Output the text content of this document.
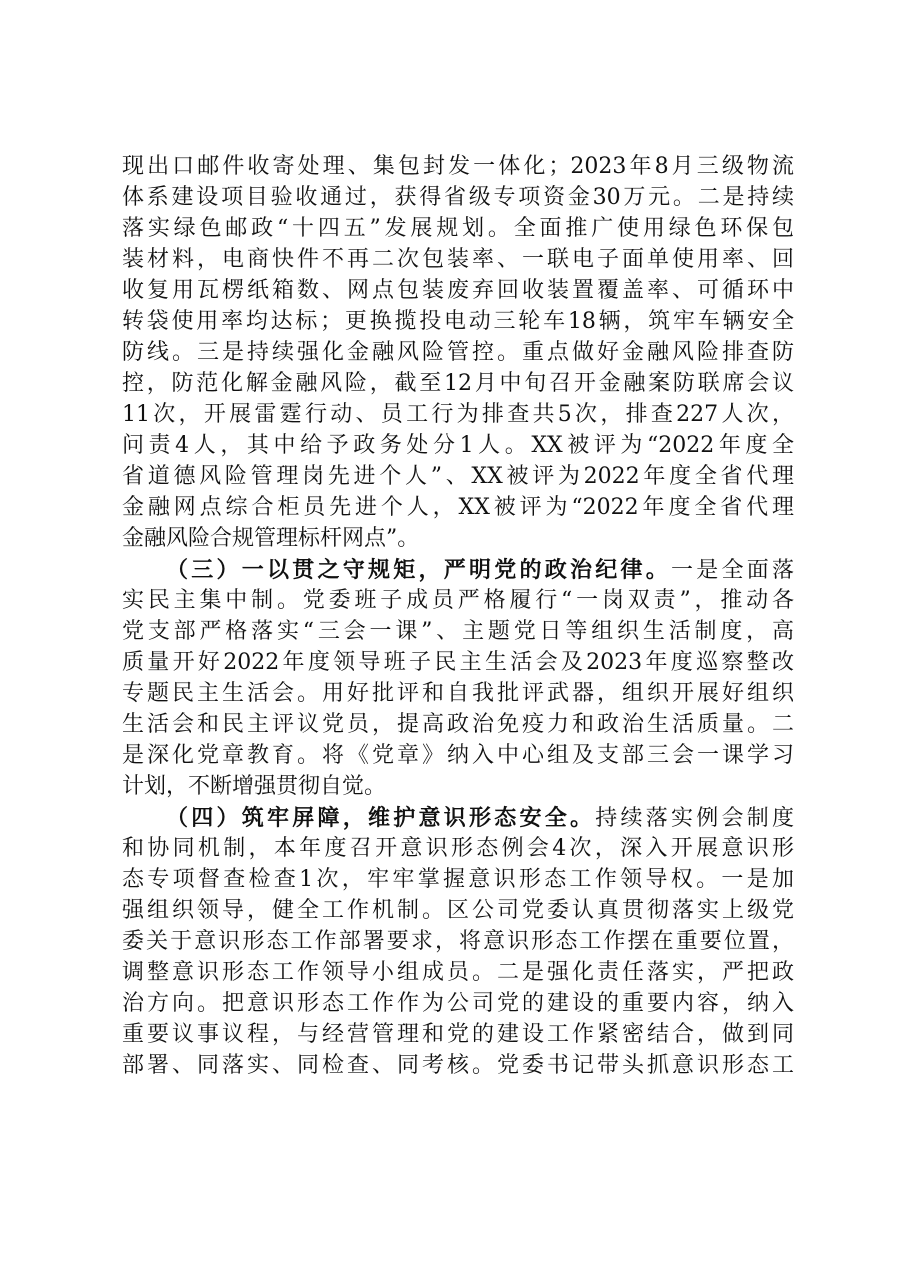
现出口邮件收寄处理、集包封发一体化；2023年8月三级物流
体系建设项目验收通过，获得省级专项资金30万元。二是持续
落实绿色邮政“十四五”发展规划。全面推广使用绿色环保包
装材料，电商快件不再二次包装率、一联电子面单使用率、回
收复用瓦楞纸箱数、网点包装废弃回收装置覆盖率、可循环中
转袋使用率均达标；更换揽投电动三轮车18辆，筑牢车辆安全
防线。三是持续强化金融风险管控。重点做好金融风险排查防
控，防范化解金融风险，截至12月中旬召开金融案防联席会议
11次，开展雷霆行动、员工行为排查共5次，排查227人次，
问责4人，其中给予政务处分1人。XX被评为“2022年度全
省道德风险管理岗先进个人”、XX被评为2022年度全省代理
金融网点综合柜员先进个人，XX被评为“2022年度全省代理
金融风险合规管理标杆网点”。
（三）一以贯之守规矩，严明党的政治纪律。一是全面落
实民主集中制。党委班子成员严格履行“一岗双责”，推动各
党支部严格落实“三会一课”、主题党日等组织生活制度，高
质量开好2022年度领导班子民主生活会及2023年度巡察整改
专题民主生活会。用好批评和自我批评武器，组织开展好组织
生活会和民主评议党员，提高政治免疫力和政治生活质量。二
是深化党章教育。将《党章》纳入中心组及支部三会一课学习
计划，不断增强贯彻自觉。
（四）筑牢屏障，维护意识形态安全。持续落实例会制度
和协同机制，本年度召开意识形态例会4次，深入开展意识形
态专项督查检查1次，牢牢掌握意识形态工作领导权。一是加
强组织领导，健全工作机制。区公司党委认真贯彻落实上级党
委关于意识形态工作部署要求，将意识形态工作摆在重要位置，
调整意识形态工作领导小组成员。二是强化责任落实，严把政
治方向。把意识形态工作作为公司党的建设的重要内容，纳入
重要议事议程，与经营管理和党的建设工作紧密结合，做到同
部署、同落实、同检查、同考核。党委书记带头抓意识形态工
